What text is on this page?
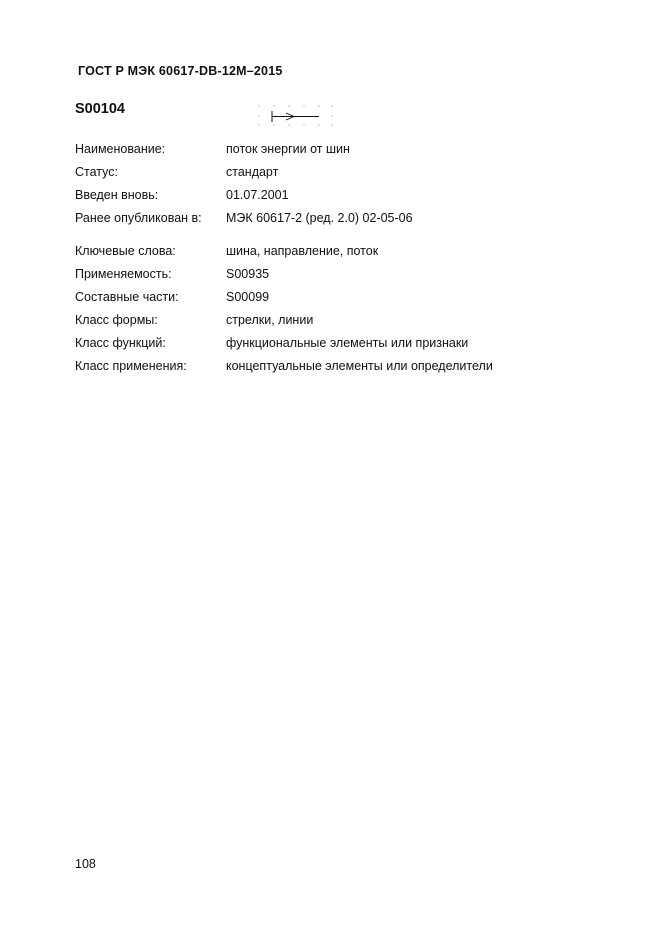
ГОСТ Р МЭК 60617-DB-12M–2015
S00104
Наименование:	поток энергии от шин
Статус:	стандарт
Введен вновь:	01.07.2001
Ранее опубликован в: МЭК 60617-2 (ред. 2.0) 02-05-06
Ключевые слова:	шина, направление, поток
Применяемость:	S00935
Составные части:	S00099
Класс формы:	стрелки, линии
Класс функций:	функциональные элементы или признаки
Класс применения:	концептуальные элементы или определители
108
